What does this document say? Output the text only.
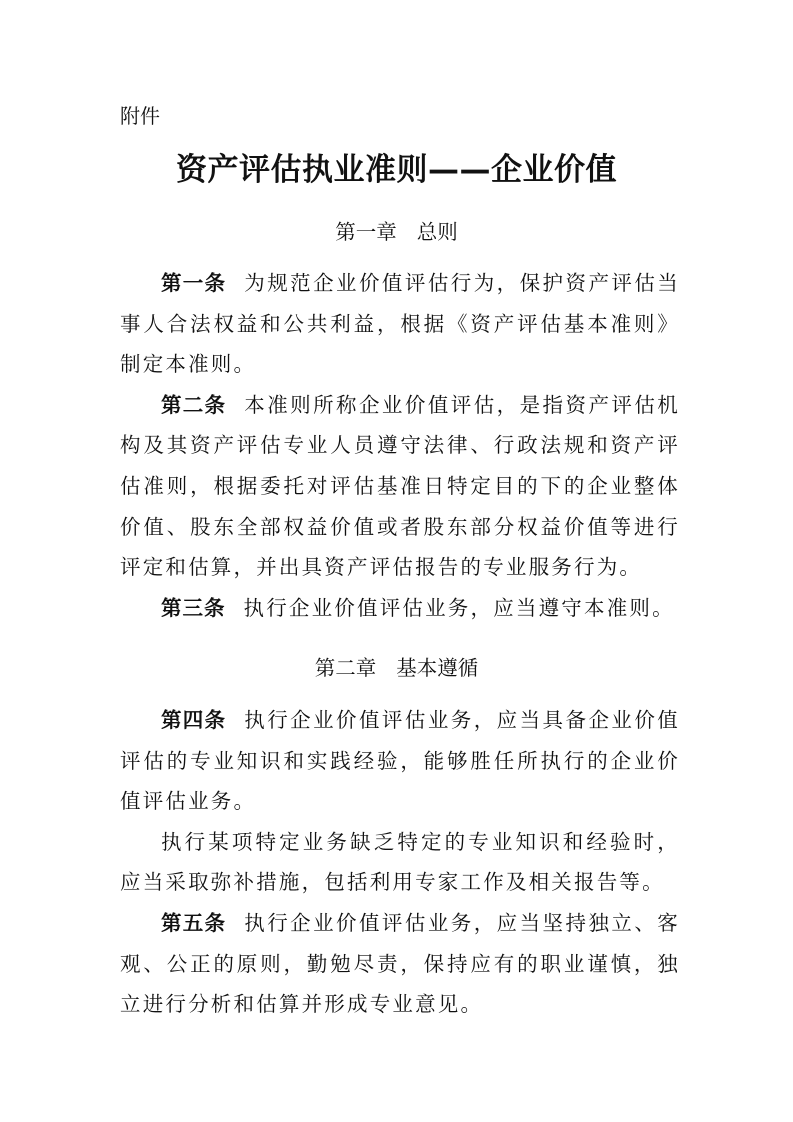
附件
资产评估执业准则——企业价值
第一章 总则

第一条 为规范企业价值评估行为，保护资产评估当事人合法权益和公共利益，根据《资产评估基本准则》制定本准则。

第二条 本准则所称企业价值评估，是指资产评估机构及其资产评估专业人员遵守法律、行政法规和资产评估准则，根据委托对评估基准日特定目的下的企业整体价值、股东全部权益价值或者股东部分权益价值等进行评定和估算，并出具资产评估报告的专业服务行为。

第三条 执行企业价值评估业务，应当遵守本准则。

第二章 基本遵循

第四条 执行企业价值评估业务，应当具备企业价值评估的专业知识和实践经验，能够胜任所执行的企业价值评估业务。

执行某项特定业务缺乏特定的专业知识和经验时，应当采取弥补措施，包括利用专家工作及相关报告等。

第五条 执行企业价值评估业务，应当坚持独立、客观、公正的原则，勤勉尽责，保持应有的职业谨慎，独立进行分析和估算并形成专业意见。
